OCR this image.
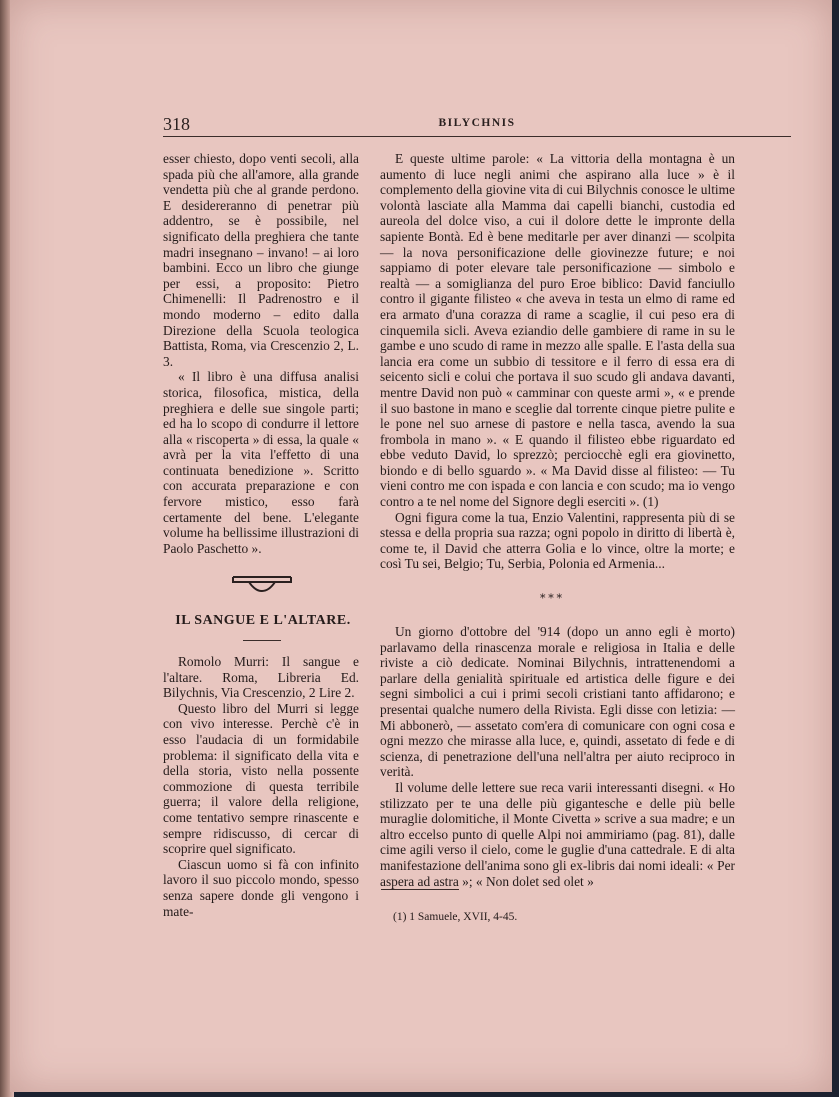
318	BILYCHNIS

esser chiesto, dopo venti secoli, alla spada più che all'amore, alla grande vendetta più che al grande perdono. E desidereranno di penetrar più addentro, se è possibile, nel significato della preghiera che tante madri insegnano – invano! – ai loro bambini. Ecco un libro che giunge per essi, a proposito: Pietro Chimenelli: Il Padrenostro e il mondo moderno – edito dalla Direzione della Scuola teologica Battista, Roma, via Crescenzio 2, L. 3.

« Il libro è una diffusa analisi storica, filosofica, mistica, della preghiera e delle sue singole parti; ed ha lo scopo di condurre il lettore alla « riscoperta » di essa, la quale « avrà per la vita l'effetto di una continuata benedizione ». Scritto con accurata preparazione e con fervore mistico, esso farà certamente del bene. L'elegante volume ha bellissime illustrazioni di Paolo Paschetto ».

IL SANGUE E L'ALTARE.

Romolo Murri: Il sangue e l'altare. Roma, Libreria Ed. Bilychnis, Via Crescenzio, 2 Lire 2.

Questo libro del Murri si legge con vivo interesse. Perchè c'è in esso l'audacia di un formidabile problema: il significato della vita e della storia, visto nella possente commozione di questa terribile guerra; il valore della religione, come tentativo sempre rinascente e sempre ridiscusso, di cercar di scoprire quel significato.

Ciascun uomo si fà con infinito lavoro il suo piccolo mondo, spesso senza sapere donde gli vengono i mate-

E queste ultime parole: « La vittoria della montagna è un aumento di luce negli animi che aspirano alla luce » è il complemento della giovine vita di cui Bilychnis conosce le ultime volontà lasciate alla Mamma dai capelli bianchi, custodia ed aureola del dolce viso, a cui il dolore dette le impronte della sapiente Bontà. Ed è bene meditarle per aver dinanzi — scolpita — la nova personificazione delle giovinezze future; e noi sappiamo di poter elevare tale personificazione — simbolo e realtà — a somiglianza del puro Eroe biblico: David fanciullo contro il gigante filisteo « che aveva in testa un elmo di rame ed era armato d'una corazza di rame a scaglie, il cui peso era di cinquemila sicli. Aveva eziandio delle gambiere di rame in su le gambe e uno scudo di rame in mezzo alle spalle. E l'asta della sua lancia era come un subbio di tessitore e il ferro di essa era di seicento sicli e colui che portava il suo scudo gli andava davanti, mentre David non può « camminar con queste armi », « e prende il suo bastone in mano e sceglie dal torrente cinque pietre pulite e le pone nel suo arnese di pastore e nella tasca, avendo la sua frombola in mano ». « E quando il filisteo ebbe riguardato ed ebbe veduto David, lo sprezzò; perciocchè egli era giovinetto, biondo e di bello sguardo ». « Ma David disse al filisteo: — Tu vieni contro me con ispada e con lancia e con scudo; ma io vengo contro a te nel nome del Signore degli eserciti ». (1)

Ogni figura come la tua, Enzio Valentini, rappresenta più di se stessa e della propria sua razza; ogni popolo in diritto di libertà è, come te, il David che atterra Golia e lo vince, oltre la morte; e così Tu sei, Belgio; Tu, Serbia, Polonia ed Armenia...

⁎ ⁎ ⁎

Un giorno d'ottobre del '914 (dopo un anno egli è morto) parlavamo della rinascenza morale e religiosa in Italia e delle riviste a ciò dedicate. Nominai Bilychnis, intrattenendomi a parlare della genialità spirituale ed artistica delle figure e dei segni simbolici a cui i primi secoli cristiani tanto affidarono; e presentai qualche numero della Rivista. Egli disse con letizia: — Mi abbonerò, — assetato com'era di comunicare con ogni cosa e ogni mezzo che mirasse alla luce, e, quindi, assetato di fede e di scienza, di penetrazione dell'una nell'altra per aiuto reciproco in verità.

Il volume delle lettere sue reca varii interessanti disegni. « Ho stilizzato per te una delle più gigantesche e delle più belle muraglie dolomitiche, il Monte Civetta » scrive a sua madre; e un altro eccelso punto di quelle Alpi noi ammiriamo (pag. 81), dalle cime agili verso il cielo, come le guglie d'una cattedrale. E di alta manifestazione dell'anima sono gli ex-libris dai nomi ideali: « Per aspera ad astra »; « Non dolet sed olet »

(1) 1 Samuele, XVII, 4-45.
